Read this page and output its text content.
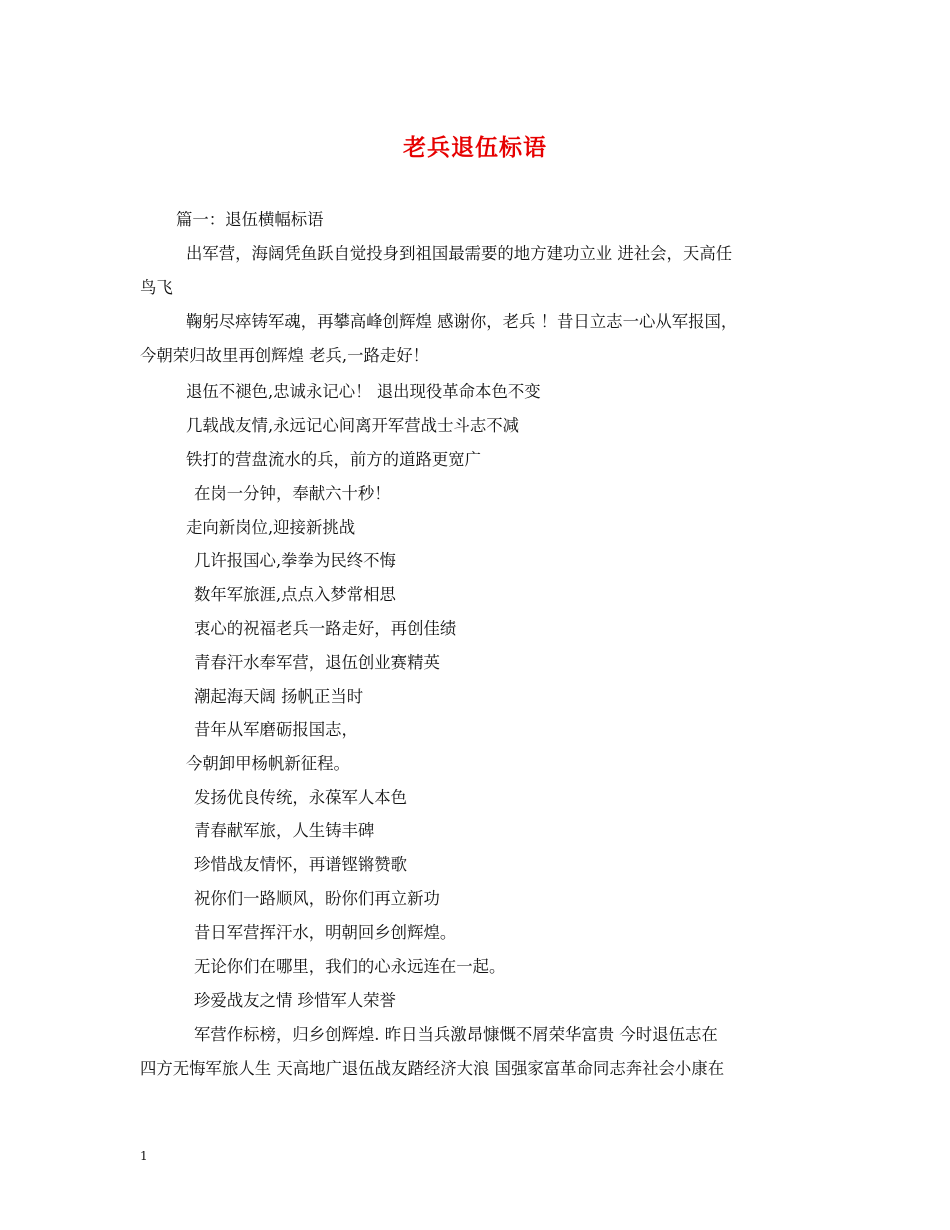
老兵退伍标语
篇一：退伍横幅标语
出军营，海阔凭鱼跃自觉投身到祖国最需要的地方建功立业 进社会，天高任
鸟飞
鞠躬尽瘁铸军魂，再攀高峰创辉煌 感谢你，老兵 ！昔日立志一心从军报国，
今朝荣归故里再创辉煌 老兵,一路走好！
退伍不褪色,忠诚永记心！ 退出现役革命本色不变
几载战友情,永远记心间离开军营战士斗志不减
铁打的营盘流水的兵，前方的道路更宽广
在岗一分钟，奉献六十秒！
走向新岗位,迎接新挑战
几许报国心,拳拳为民终不悔
数年军旅涯,点点入梦常相思
衷心的祝福老兵一路走好，再创佳绩
青春汗水奉军营，退伍创业赛精英
潮起海天阔 扬帆正当时
昔年从军磨砺报国志，
今朝卸甲杨帆新征程。
发扬优良传统，永葆军人本色
青春献军旅，人生铸丰碑
珍惜战友情怀，再谱铿锵赞歌
祝你们一路顺风，盼你们再立新功
昔日军营挥汗水，明朝回乡创辉煌。
无论你们在哪里，我们的心永远连在一起。
珍爱战友之情 珍惜军人荣誉
军营作标榜，归乡创辉煌. 昨日当兵激昂慷慨不屑荣华富贵 今时退伍志在
四方无悔军旅人生 天高地广退伍战友踏经济大浪 国强家富革命同志奔社会小康在
1
